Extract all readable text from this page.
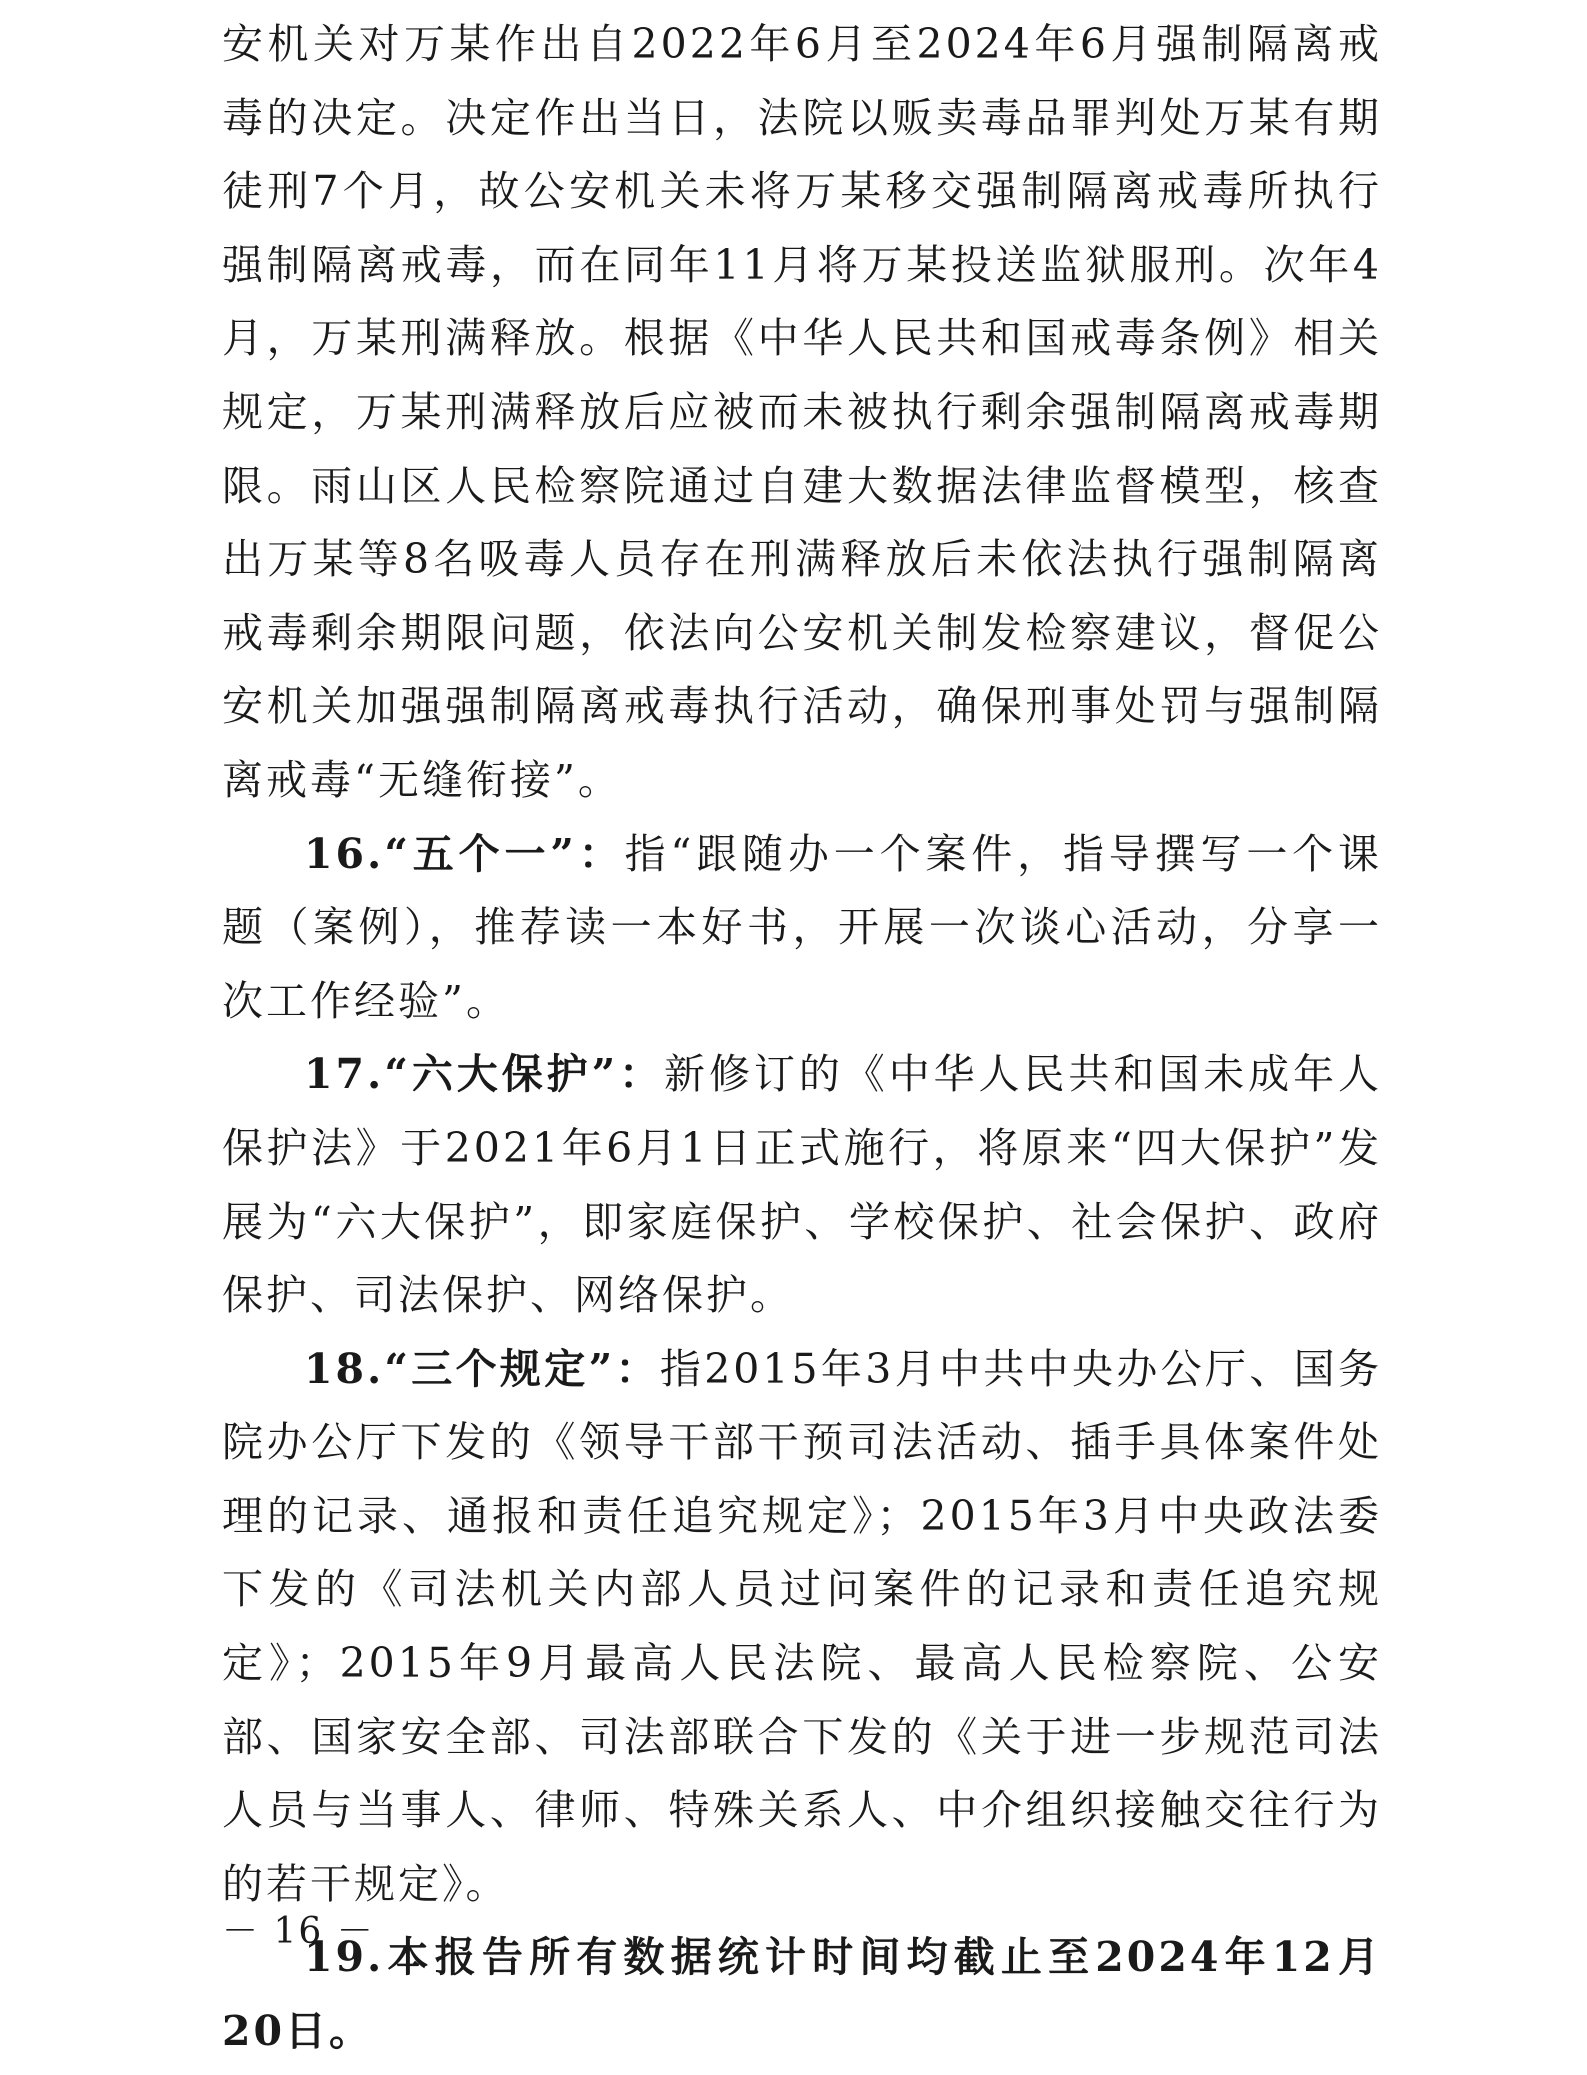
安机关对万某作出自2022年6月至2024年6月强制隔离戒毒的决定。决定作出当日，法院以贩卖毒品罪判处万某有期徒刑7个月，故公安机关未将万某移交强制隔离戒毒所执行强制隔离戒毒，而在同年11月将万某投送监狱服刑。次年4月，万某刑满释放。根据《中华人民共和国戒毒条例》相关规定，万某刑满释放后应被而未被执行剩余强制隔离戒毒期限。雨山区人民检察院通过自建大数据法律监督模型，核查出万某等8名吸毒人员存在刑满释放后未依法执行强制隔离戒毒剩余期限问题，依法向公安机关制发检察建议，督促公安机关加强强制隔离戒毒执行活动，确保刑事处罚与强制隔离戒毒“无缝衔接”。

16.“五个一”：指“跟随办一个案件，指导撰写一个课题（案例），推荐读一本好书，开展一次谈心活动，分享一次工作经验”。

17.“六大保护”：新修订的《中华人民共和国未成年人保护法》于2021年6月1日正式施行，将原来“四大保护”发展为“六大保护”，即家庭保护、学校保护、社会保护、政府保护、司法保护、网络保护。

18.“三个规定”：指2015年3月中共中央办公厅、国务院办公厅下发的《领导干部干预司法活动、插手具体案件处理的记录、通报和责任追究规定》；2015年3月中央政法委下发的《司法机关内部人员过问案件的记录和责任追究规定》；2015年9月最高人民法院、最高人民检察院、公安部、国家安全部、司法部联合下发的《关于进一步规范司法人员与当事人、律师、特殊关系人、中介组织接触交往行为的若干规定》。

19.本报告所有数据统计时间均截止至2024年12月20日。

－ 16 －
